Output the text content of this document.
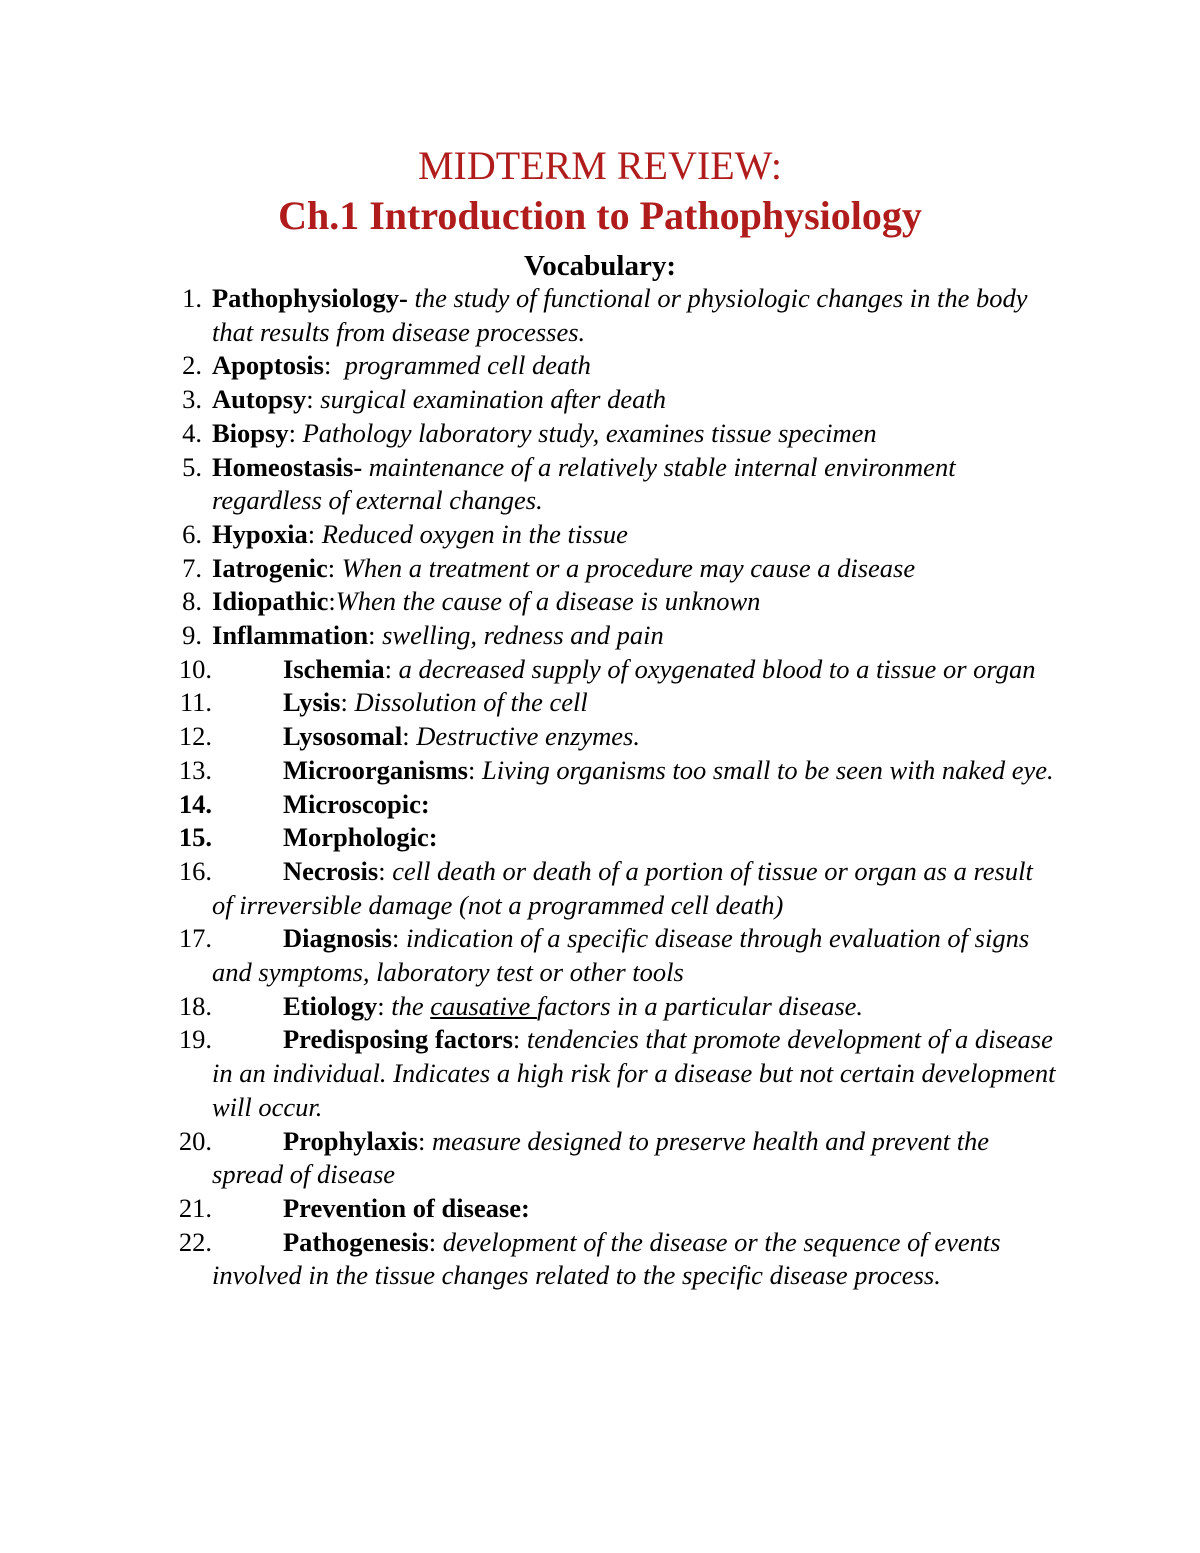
MIDTERM REVIEW:
Ch.1 Introduction to Pathophysiology
Vocabulary:
1. Pathophysiology- the study of functional or physiologic changes in the body that results from disease processes.
2. Apoptosis:  programmed cell death
3. Autopsy: surgical examination after death
4. Biopsy: Pathology laboratory study, examines tissue specimen
5. Homeostasis- maintenance of a relatively stable internal environment regardless of external changes.
6. Hypoxia: Reduced oxygen in the tissue
7. Iatrogenic: When a treatment or a procedure may cause a disease
8. Idiopathic:When the cause of a disease is unknown
9. Inflammation: swelling, redness and pain
10.	Ischemia: a decreased supply of oxygenated blood to a tissue or organ
11.	Lysis: Dissolution of the cell
12.	Lysosomal: Destructive enzymes.
13.	Microorganisms: Living organisms too small to be seen with naked eye.
14.	Microscopic:
15.	Morphologic:
16.	Necrosis: cell death or death of a portion of tissue or organ as a result of irreversible damage (not a programmed cell death)
17.	Diagnosis: indication of a specific disease through evaluation of signs and symptoms, laboratory test or other tools
18.	Etiology: the causative factors in a particular disease.
19.	Predisposing factors: tendencies that promote development of a disease in an individual. Indicates a high risk for a disease but not certain development will occur.
20.	Prophylaxis: measure designed to preserve health and prevent the spread of disease
21.	Prevention of disease:
22.	Pathogenesis: development of the disease or the sequence of events involved in the tissue changes related to the specific disease process.
